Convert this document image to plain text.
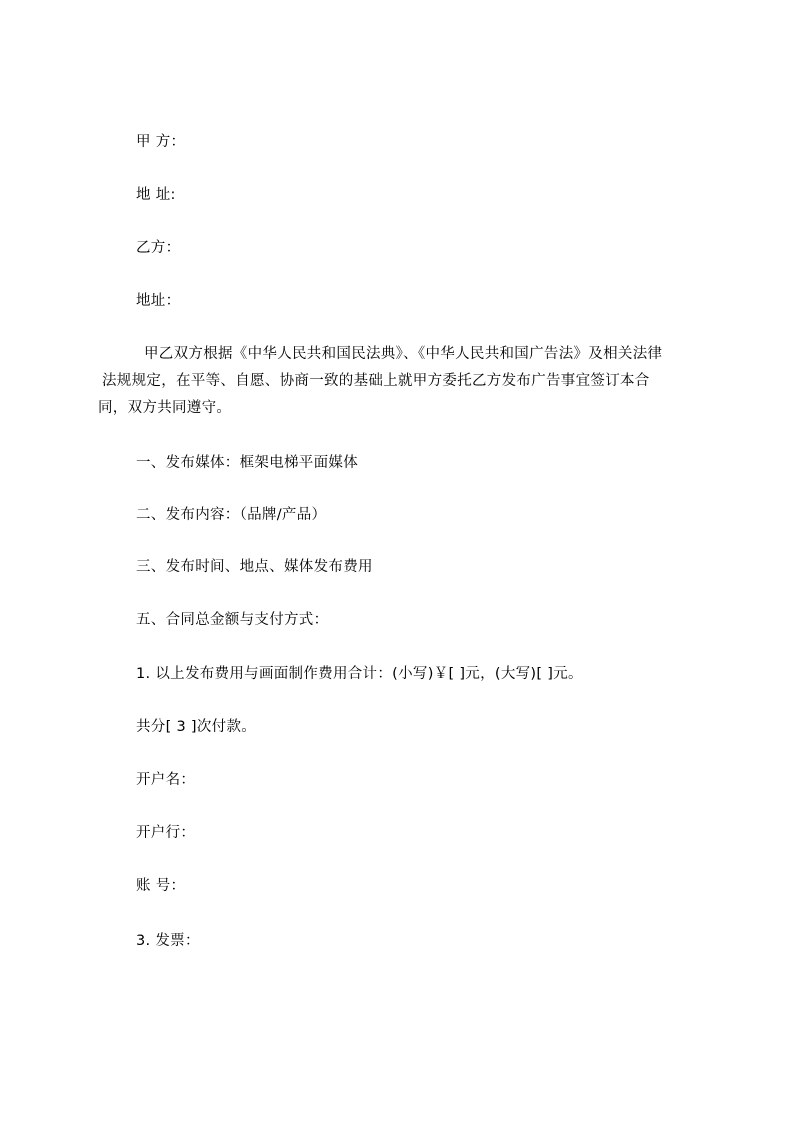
甲 方：
地 址:
乙方：
地址：
甲乙双方根据《中华人民共和国民法典》、《中华人民共和国广告法》及相关法律
法规规定，在平等、自愿、协商一致的基础上就甲方委托乙方发布广告事宜签订本合
同，双方共同遵守。
一、发布媒体：框架电梯平面媒体
二、发布内容：（品牌/产品）
三、发布时间、地点、媒体发布费用
五、合同总金额与支付方式：
1. 以上发布费用与画面制作费用合计：(小写)￥[ ]元，(大写)[ ]元。
共分[ 3 ]次付款。
开户名：
开户行：
账 号：
3. 发票：
